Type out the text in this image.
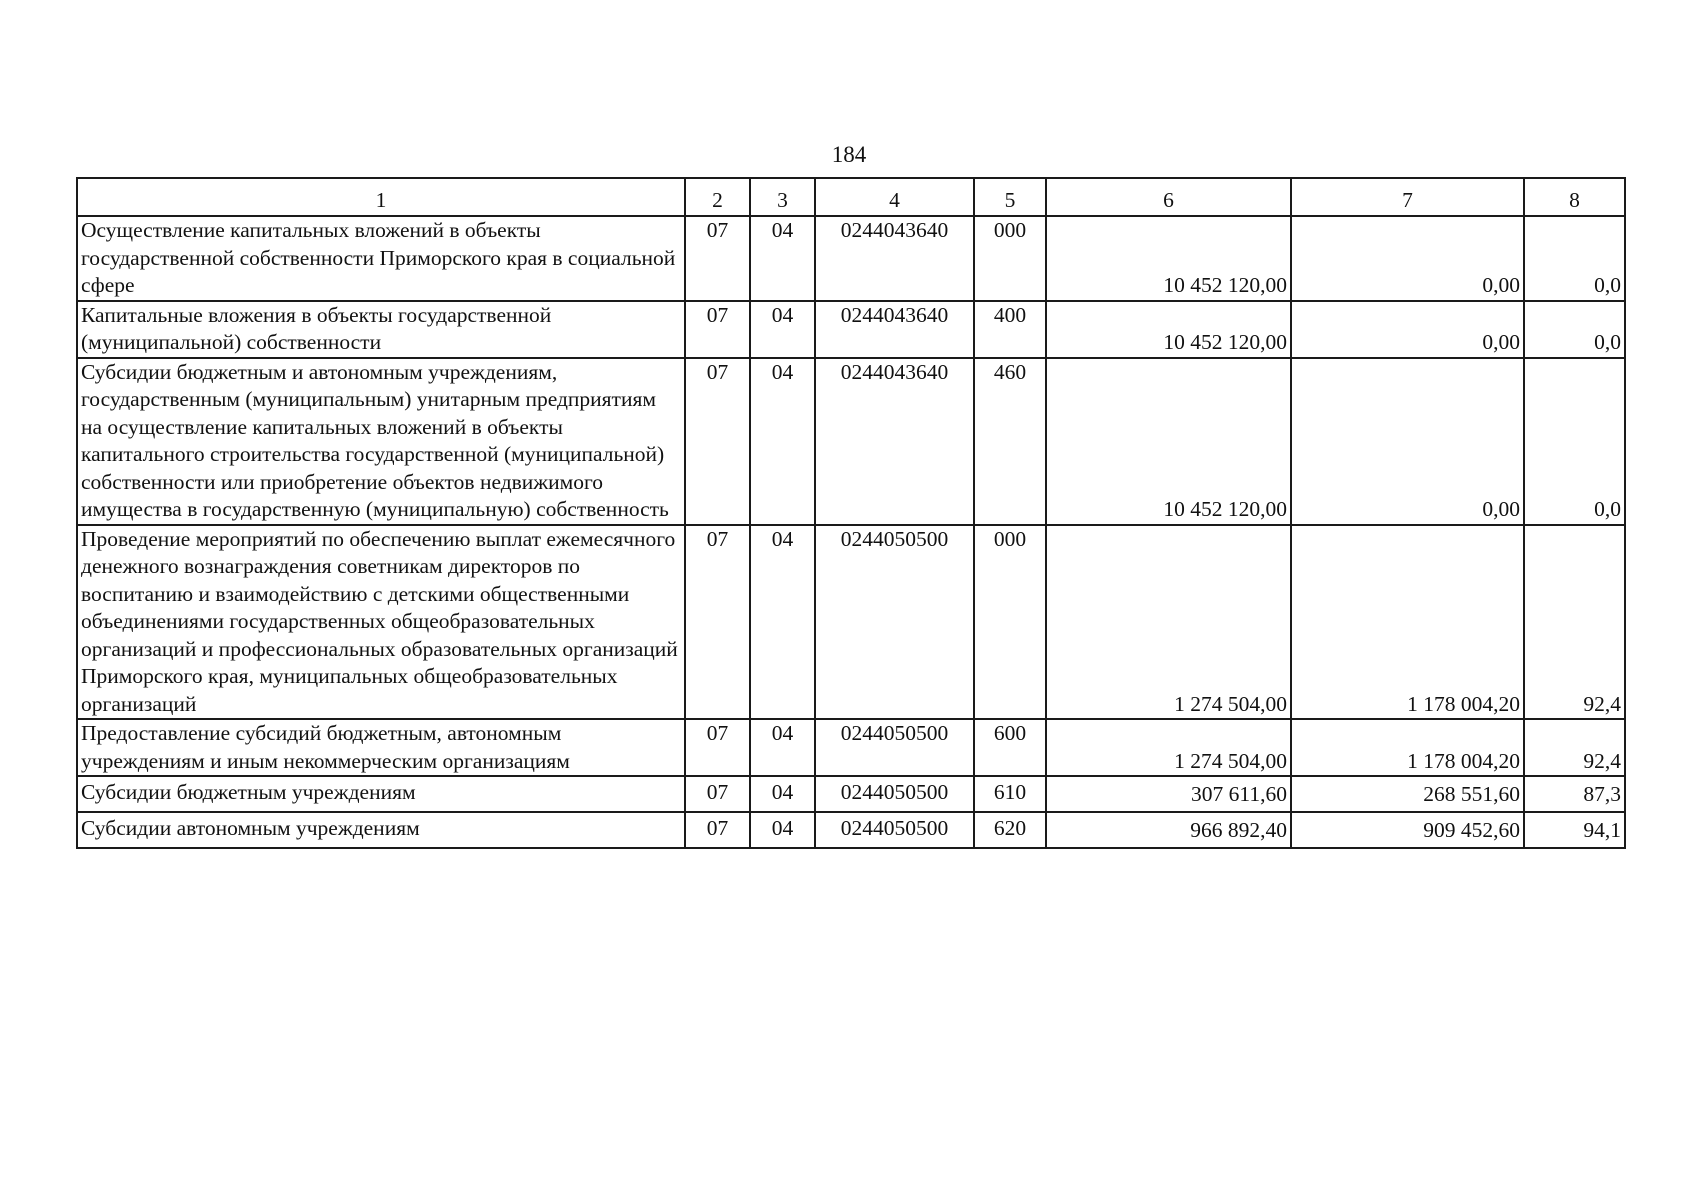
184
1	2	3	4	5	6	7	8
Осуществление капитальных вложений в объекты государственной собственности Приморского края в социальной сфере	07	04	0244043640	000	10 452 120,00	0,00	0,0
Капитальные вложения в объекты государственной (муниципальной) собственности	07	04	0244043640	400	10 452 120,00	0,00	0,0
Субсидии бюджетным и автономным учреждениям, государственным (муниципальным) унитарным предприятиям на осуществление капитальных вложений в объекты капитального строительства государственной (муниципальной) собственности или приобретение объектов недвижимого имущества в государственную (муниципальную) собственность	07	04	0244043640	460	10 452 120,00	0,00	0,0
Проведение мероприятий по обеспечению выплат ежемесячного денежного вознаграждения советникам директоров по воспитанию и взаимодействию с детскими общественными объединениями государственных общеобразовательных организаций и профессиональных образовательных организаций Приморского края, муниципальных общеобразовательных организаций	07	04	0244050500	000	1 274 504,00	1 178 004,20	92,4
Предоставление субсидий бюджетным, автономным учреждениям и иным некоммерческим организациям	07	04	0244050500	600	1 274 504,00	1 178 004,20	92,4
Субсидии бюджетным учреждениям	07	04	0244050500	610	307 611,60	268 551,60	87,3
Субсидии автономным учреждениям	07	04	0244050500	620	966 892,40	909 452,60	94,1
